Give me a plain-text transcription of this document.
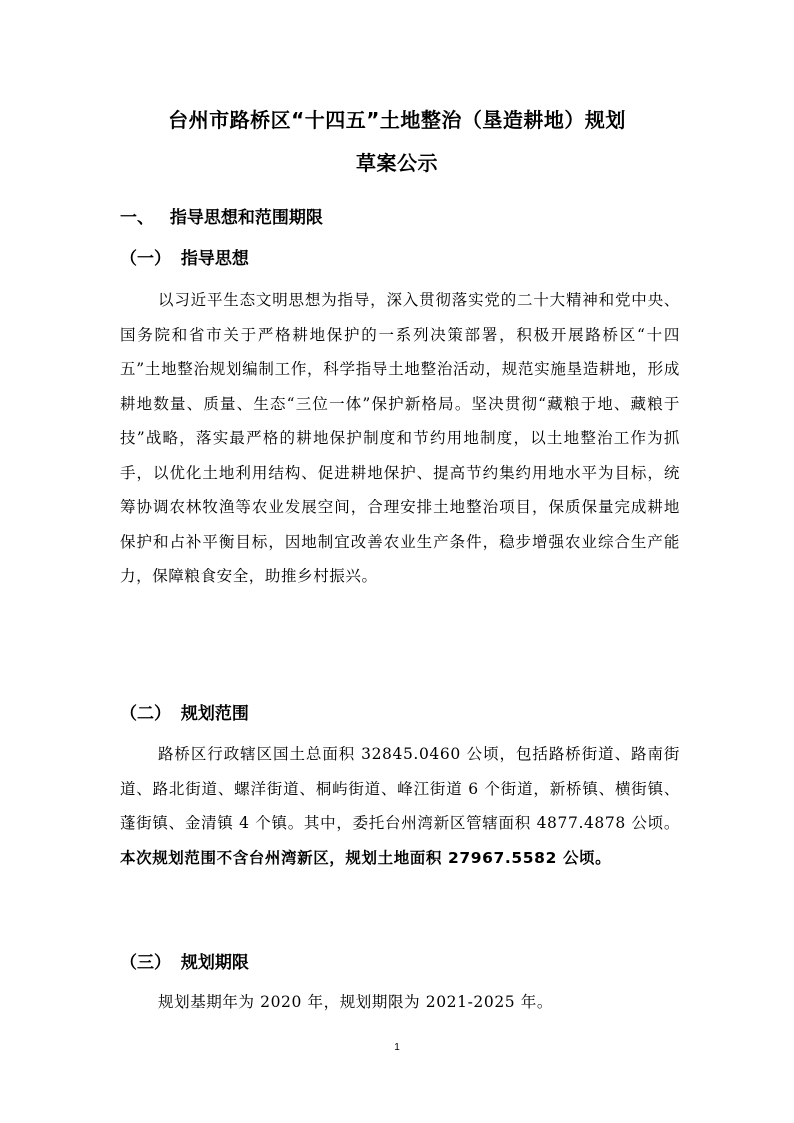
台州市路桥区“十四五”土地整治（垦造耕地）规划
草案公示
一、 指导思想和范围期限
（一） 指导思想

以习近平生态文明思想为指导，深入贯彻落实党的二十大精神和党中央、国务院和省市关于严格耕地保护的一系列决策部署，积极开展路桥区“十四五”土地整治规划编制工作，科学指导土地整治活动，规范实施垦造耕地，形成耕地数量、质量、生态“三位一体”保护新格局。坚决贯彻“藏粮于地、藏粮于技”战略，落实最严格的耕地保护制度和节约用地制度，以土地整治工作为抓手，以优化土地利用结构、促进耕地保护、提高节约集约用地水平为目标，统筹协调农林牧渔等农业发展空间，合理安排土地整治项目，保质保量完成耕地保护和占补平衡目标，因地制宜改善农业生产条件，稳步增强农业综合生产能力，保障粮食安全，助推乡村振兴。

（二） 规划范围

路桥区行政辖区国土总面积 32845.0460 公顷，包括路桥街道、路南街道、路北街道、螺洋街道、桐屿街道、峰江街道 6 个街道，新桥镇、横街镇、蓬街镇、金清镇 4 个镇。其中，委托台州湾新区管辖面积 4877.4878 公顷。本次规划范围不含台州湾新区，规划土地面积 27967.5582 公顷。

（三） 规划期限

规划基期年为 2020 年，规划期限为 2021-2025 年。

1
